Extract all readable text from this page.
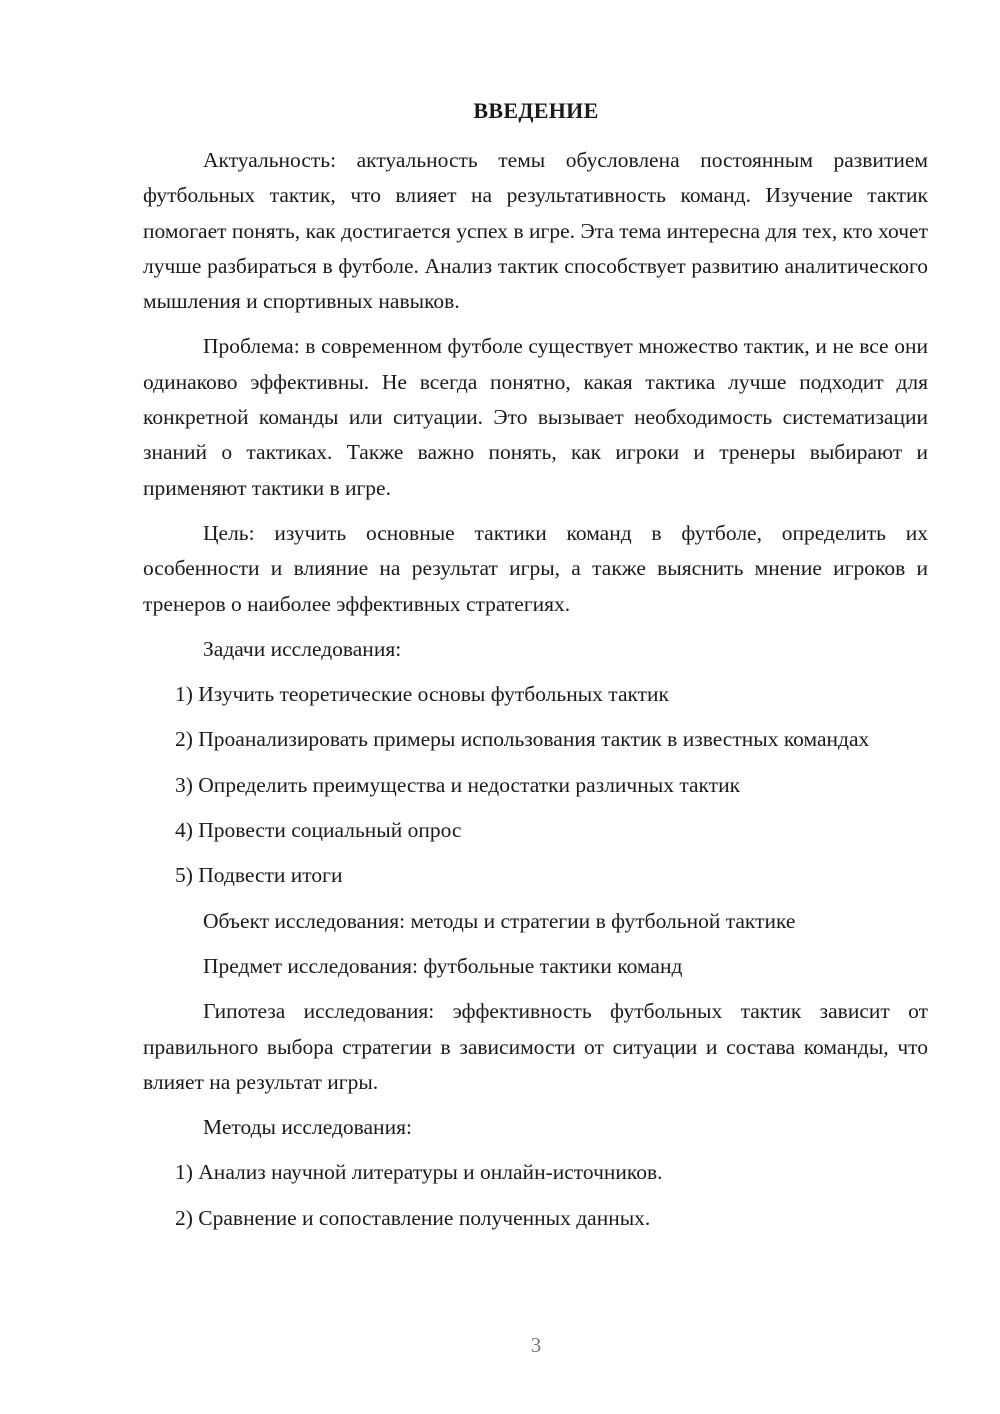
ВВЕДЕНИЕ

Актуальность: актуальность темы обусловлена постоянным развитием футбольных тактик, что влияет на результативность команд. Изучение тактик помогает понять, как достигается успех в игре. Эта тема интересна для тех, кто хочет лучше разбираться в футболе. Анализ тактик способствует развитию аналитического мышления и спортивных навыков.

Проблема: в современном футболе существует множество тактик, и не все они одинаково эффективны. Не всегда понятно, какая тактика лучше подходит для конкретной команды или ситуации. Это вызывает необходимость систематизации знаний о тактиках. Также важно понять, как игроки и тренеры выбирают и применяют тактики в игре.

Цель: изучить основные тактики команд в футболе, определить их особенности и влияние на результат игры, а также выяснить мнение игроков и тренеров о наиболее эффективных стратегиях.

Задачи исследования:

1) Изучить теоретические основы футбольных тактик

2) Проанализировать примеры использования тактик в известных командах

3) Определить преимущества и недостатки различных тактик

4) Провести социальный опрос

5) Подвести итоги

Объект исследования: методы и стратегии в футбольной тактике

Предмет исследования: футбольные тактики команд

Гипотеза исследования: эффективность футбольных тактик зависит от правильного выбора стратегии в зависимости от ситуации и состава команды, что влияет на результат игры.

Методы исследования:

1) Анализ научной литературы и онлайн-источников.

2) Сравнение и сопоставление полученных данных.

3
